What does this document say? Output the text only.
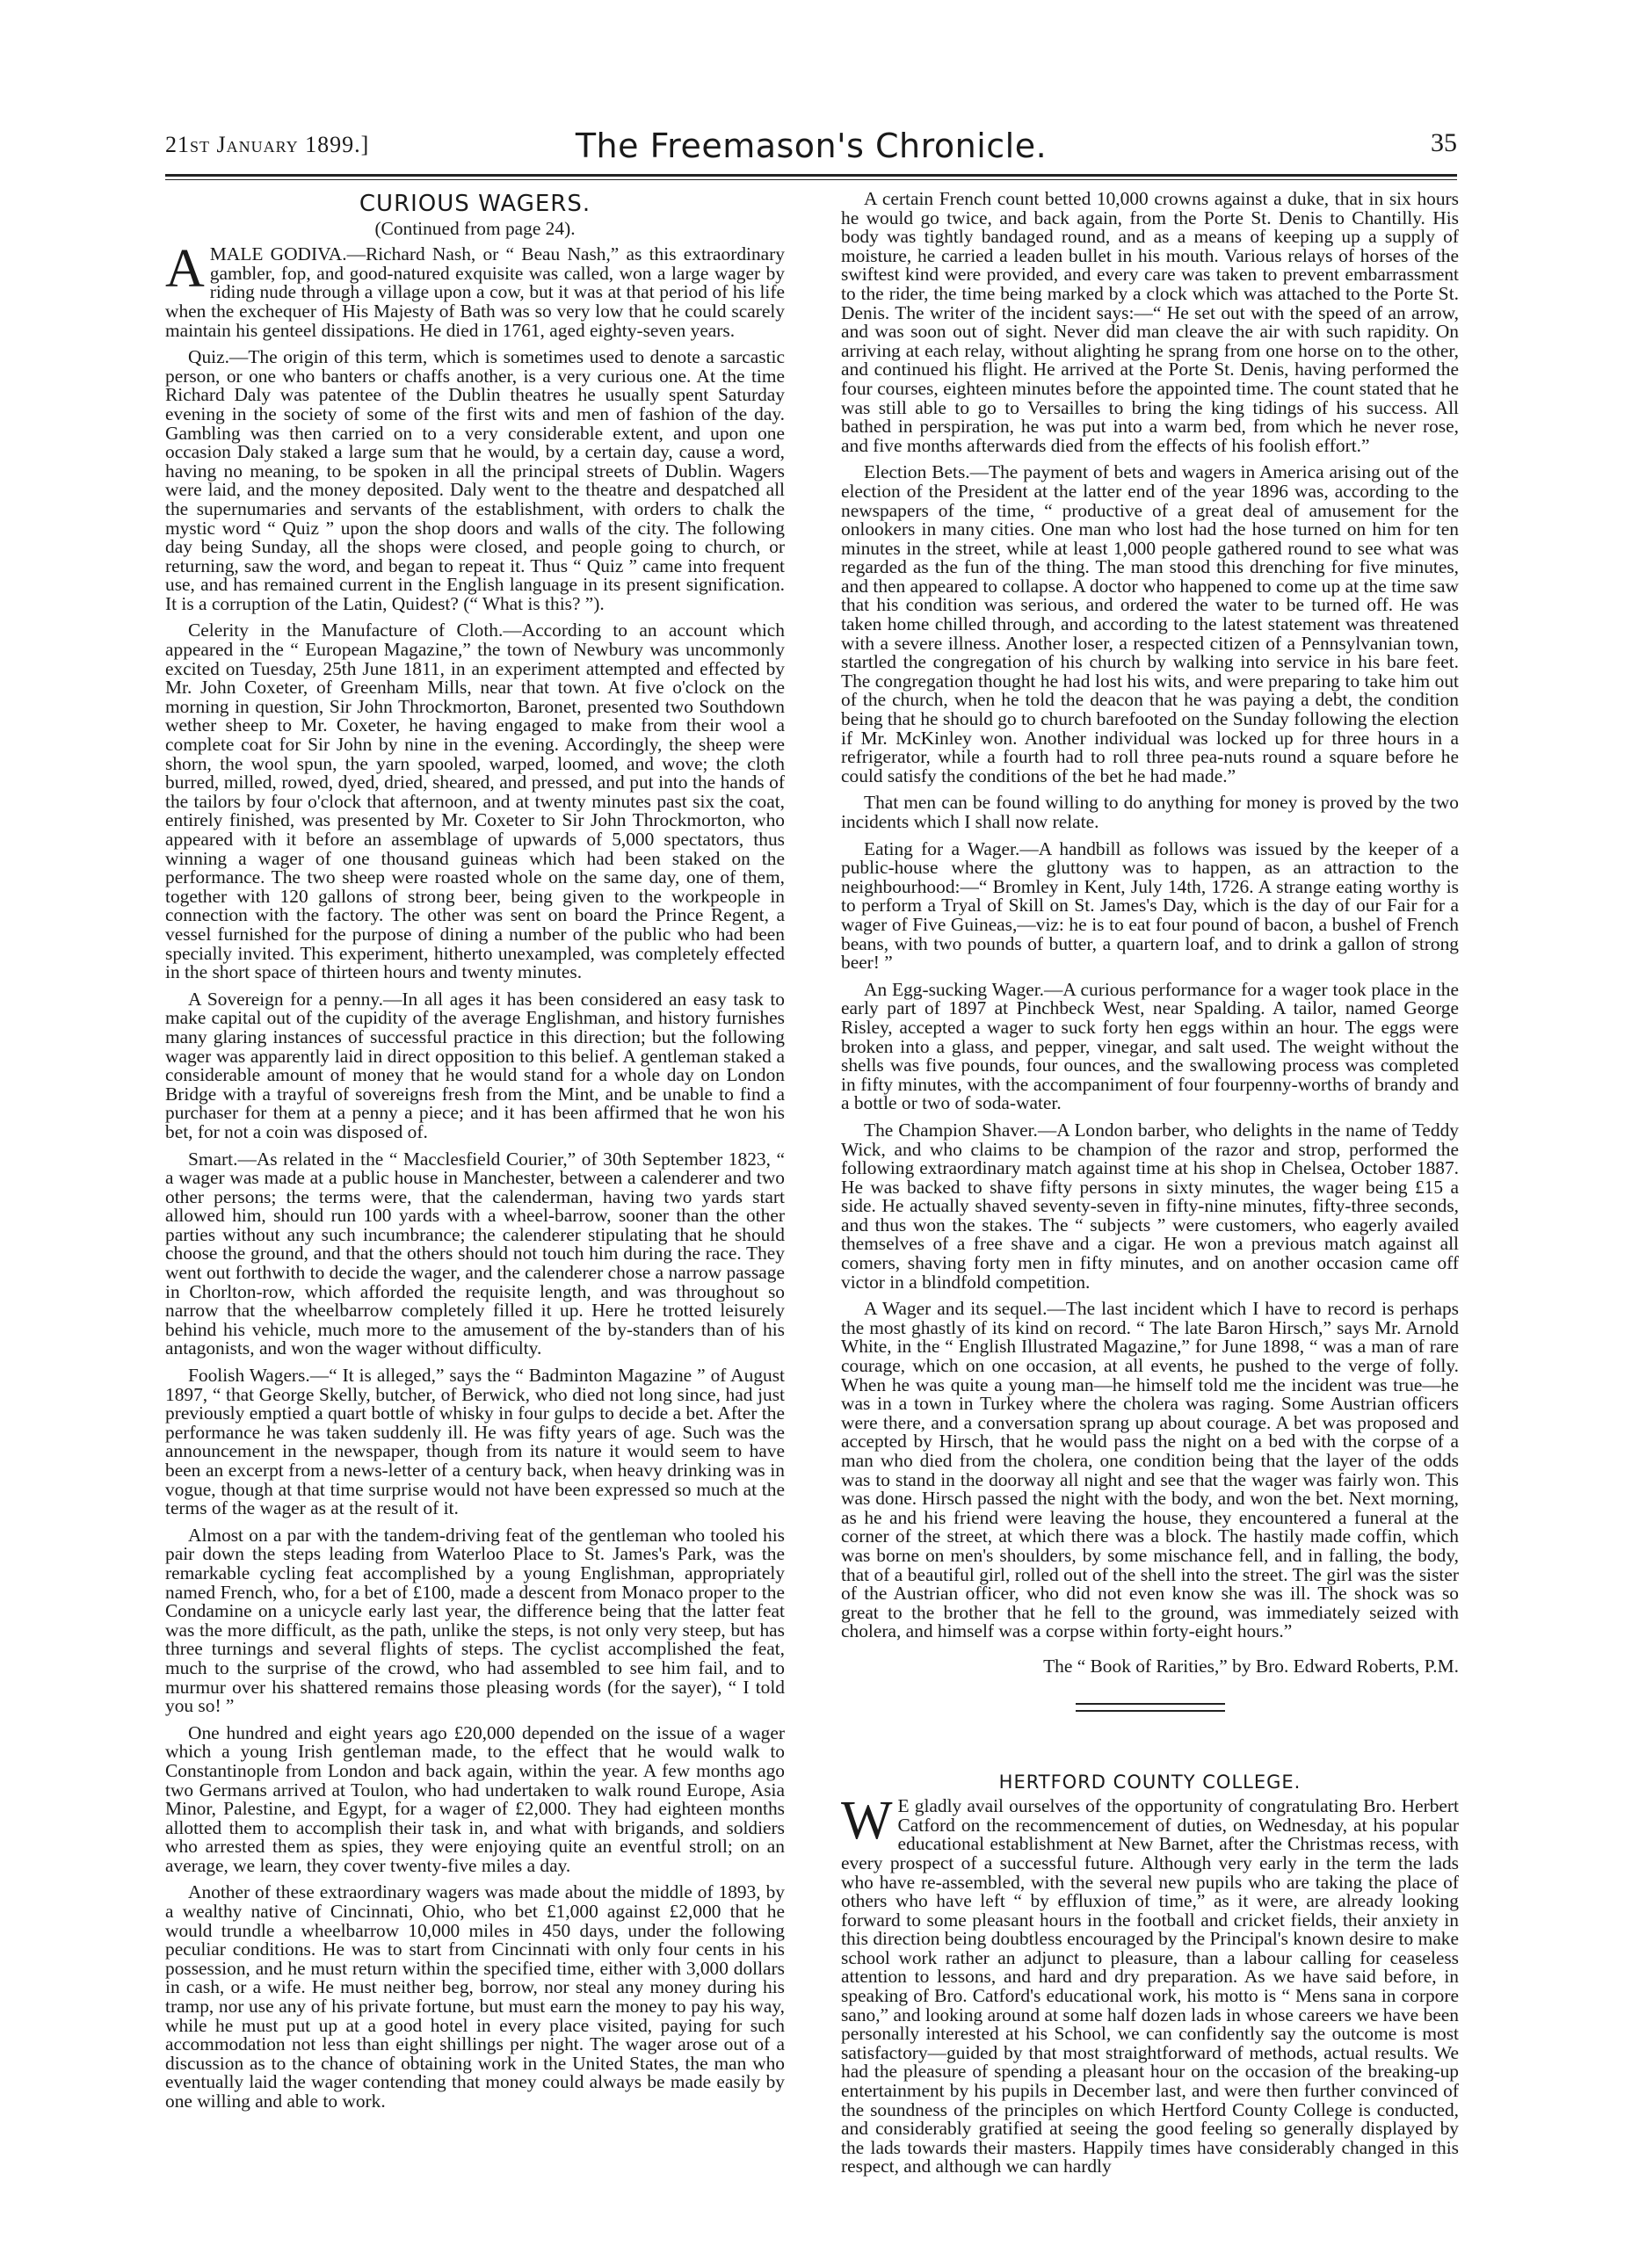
21st January 1899.]	The Freemason's Chronicle.	35
CURIOUS WAGERS.
(Continued from page 24).

A MALE GODIVA.—Richard Nash, or “ Beau Nash,” as this extraordinary gambler, fop, and good-natured exquisite was called, won a large wager by riding nude through a village upon a cow, but it was at that period of his life when the exchequer of His Majesty of Bath was so very low that he could scarely maintain his genteel dissipations. He died in 1761, aged eighty-seven years.

Quiz.—The origin of this term, which is sometimes used to denote a sarcastic person, or one who banters or chaffs another, is a very curious one. At the time Richard Daly was patentee of the Dublin theatres he usually spent Saturday evening in the society of some of the first wits and men of fashion of the day. Gambling was then carried on to a very considerable extent, and upon one occasion Daly staked a large sum that he would, by a certain day, cause a word, having no meaning, to be spoken in all the principal streets of Dublin. Wagers were laid, and the money deposited. Daly went to the theatre and despatched all the supernumaries and servants of the establishment, with orders to chalk the mystic word “ Quiz ” upon the shop doors and walls of the city. The following day being Sunday, all the shops were closed, and people going to church, or returning, saw the word, and began to repeat it. Thus “ Quiz ” came into frequent use, and has remained current in the English language in its present signification. It is a corruption of the Latin, Quidest? (“ What is this? ”).

Celerity in the Manufacture of Cloth.—According to an account which appeared in the “ European Magazine,” the town of Newbury was uncommonly excited on Tuesday, 25th June 1811, in an experiment attempted and effected by Mr. John Coxeter, of Greenham Mills, near that town. At five o'clock on the morning in question, Sir John Throckmorton, Baronet, presented two Southdown wether sheep to Mr. Coxeter, he having engaged to make from their wool a complete coat for Sir John by nine in the evening. Accordingly, the sheep were shorn, the wool spun, the yarn spooled, warped, loomed, and wove; the cloth burred, milled, rowed, dyed, dried, sheared, and pressed, and put into the hands of the tailors by four o'clock that afternoon, and at twenty minutes past six the coat, entirely finished, was presented by Mr. Coxeter to Sir John Throckmorton, who appeared with it before an assemblage of upwards of 5,000 spectators, thus winning a wager of one thousand guineas which had been staked on the performance. The two sheep were roasted whole on the same day, one of them, together with 120 gallons of strong beer, being given to the workpeople in connection with the factory. The other was sent on board the Prince Regent, a vessel furnished for the purpose of dining a number of the public who had been specially invited. This experiment, hitherto unexampled, was completely effected in the short space of thirteen hours and twenty minutes.

A Sovereign for a penny.—In all ages it has been considered an easy task to make capital out of the cupidity of the average Englishman, and history furnishes many glaring instances of successful practice in this direction; but the following wager was apparently laid in direct opposition to this belief. A gentleman staked a considerable amount of money that he would stand for a whole day on London Bridge with a trayful of sovereigns fresh from the Mint, and be unable to find a purchaser for them at a penny a piece; and it has been affirmed that he won his bet, for not a coin was disposed of.

Smart.—As related in the “ Macclesfield Courier,” of 30th September 1823, “ a wager was made at a public house in Manchester, between a calenderer and two other persons; the terms were, that the calenderman, having two yards start allowed him, should run 100 yards with a wheel-barrow, sooner than the other parties without any such incumbrance; the calenderer stipulating that he should choose the ground, and that the others should not touch him during the race. They went out forthwith to decide the wager, and the calenderer chose a narrow passage in Chorlton-row, which afforded the requisite length, and was throughout so narrow that the wheelbarrow completely filled it up. Here he trotted leisurely behind his vehicle, much more to the amusement of the by-standers than of his antagonists, and won the wager without difficulty.

Foolish Wagers.—“ It is alleged,” says the “ Badminton Magazine ” of August 1897, “ that George Skelly, butcher, of Berwick, who died not long since, had just previously emptied a quart bottle of whisky in four gulps to decide a bet. After the performance he was taken suddenly ill. He was fifty years of age. Such was the announcement in the newspaper, though from its nature it would seem to have been an excerpt from a news-letter of a century back, when heavy drinking was in vogue, though at that time surprise would not have been expressed so much at the terms of the wager as at the result of it.

Almost on a par with the tandem-driving feat of the gentleman who tooled his pair down the steps leading from Waterloo Place to St. James's Park, was the remarkable cycling feat accomplished by a young Englishman, appropriately named French, who, for a bet of £100, made a descent from Monaco proper to the Condamine on a unicycle early last year, the difference being that the latter feat was the more difficult, as the path, unlike the steps, is not only very steep, but has three turnings and several flights of steps. The cyclist accomplished the feat, much to the surprise of the crowd, who had assembled to see him fail, and to murmur over his shattered remains those pleasing words (for the sayer), “ I told you so! ”

One hundred and eight years ago £20,000 depended on the issue of a wager which a young Irish gentleman made, to the effect that he would walk to Constantinople from London and back again, within the year. A few months ago two Germans arrived at Toulon, who had undertaken to walk round Europe, Asia Minor, Palestine, and Egypt, for a wager of £2,000. They had eighteen months allotted them to accomplish their task in, and what with brigands, and soldiers who arrested them as spies, they were enjoying quite an eventful stroll; on an average, we learn, they cover twenty-five miles a day.

Another of these extraordinary wagers was made about the middle of 1893, by a wealthy native of Cincinnati, Ohio, who bet £1,000 against £2,000 that he would trundle a wheelbarrow 10,000 miles in 450 days, under the following peculiar conditions. He was to start from Cincinnati with only four cents in his possession, and he must return within the specified time, either with 3,000 dollars in cash, or a wife. He must neither beg, borrow, nor steal any money during his tramp, nor use any of his private fortune, but must earn the money to pay his way, while he must put up at a good hotel in every place visited, paying for such accommodation not less than eight shillings per night. The wager arose out of a discussion as to the chance of obtaining work in the United States, the man who eventually laid the wager contending that money could always be made easily by one willing and able to work.

A certain French count betted 10,000 crowns against a duke, that in six hours he would go twice, and back again, from the Porte St. Denis to Chantilly. His body was tightly bandaged round, and as a means of keeping up a supply of moisture, he carried a leaden bullet in his mouth. Various relays of horses of the swiftest kind were provided, and every care was taken to prevent embarrassment to the rider, the time being marked by a clock which was attached to the Porte St. Denis. The writer of the incident says:—“ He set out with the speed of an arrow, and was soon out of sight. Never did man cleave the air with such rapidity. On arriving at each relay, without alighting he sprang from one horse on to the other, and continued his flight. He arrived at the Porte St. Denis, having performed the four courses, eighteen minutes before the appointed time. The count stated that he was still able to go to Versailles to bring the king tidings of his success. All bathed in perspiration, he was put into a warm bed, from which he never rose, and five months afterwards died from the effects of his foolish effort.”

Election Bets.—The payment of bets and wagers in America arising out of the election of the President at the latter end of the year 1896 was, according to the newspapers of the time, “ productive of a great deal of amusement for the onlookers in many cities. One man who lost had the hose turned on him for ten minutes in the street, while at least 1,000 people gathered round to see what was regarded as the fun of the thing. The man stood this drenching for five minutes, and then appeared to collapse. A doctor who happened to come up at the time saw that his condition was serious, and ordered the water to be turned off. He was taken home chilled through, and according to the latest statement was threatened with a severe illness. Another loser, a respected citizen of a Pennsylvanian town, startled the congregation of his church by walking into service in his bare feet. The congregation thought he had lost his wits, and were preparing to take him out of the church, when he told the deacon that he was paying a debt, the condition being that he should go to church barefooted on the Sunday following the election if Mr. McKinley won. Another individual was locked up for three hours in a refrigerator, while a fourth had to roll three pea-nuts round a square before he could satisfy the conditions of the bet he had made.”

That men can be found willing to do anything for money is proved by the two incidents which I shall now relate.

Eating for a Wager.—A handbill as follows was issued by the keeper of a public-house where the gluttony was to happen, as an attraction to the neighbourhood:—“ Bromley in Kent, July 14th, 1726. A strange eating worthy is to perform a Tryal of Skill on St. James's Day, which is the day of our Fair for a wager of Five Guineas,—viz: he is to eat four pound of bacon, a bushel of French beans, with two pounds of butter, a quartern loaf, and to drink a gallon of strong beer! ”

An Egg-sucking Wager.—A curious performance for a wager took place in the early part of 1897 at Pinchbeck West, near Spalding. A tailor, named George Risley, accepted a wager to suck forty hen eggs within an hour. The eggs were broken into a glass, and pepper, vinegar, and salt used. The weight without the shells was five pounds, four ounces, and the swallowing process was completed in fifty minutes, with the accompaniment of four fourpenny-worths of brandy and a bottle or two of soda-water.

The Champion Shaver.—A London barber, who delights in the name of Teddy Wick, and who claims to be champion of the razor and strop, performed the following extraordinary match against time at his shop in Chelsea, October 1887. He was backed to shave fifty persons in sixty minutes, the wager being £15 a side. He actually shaved seventy-seven in fifty-nine minutes, fifty-three seconds, and thus won the stakes. The “ subjects ” were customers, who eagerly availed themselves of a free shave and a cigar. He won a previous match against all comers, shaving forty men in fifty minutes, and on another occasion came off victor in a blindfold competition.

A Wager and its sequel.—The last incident which I have to record is perhaps the most ghastly of its kind on record. “ The late Baron Hirsch,” says Mr. Arnold White, in the “ English Illustrated Magazine,” for June 1898, “ was a man of rare courage, which on one occasion, at all events, he pushed to the verge of folly. When he was quite a young man—he himself told me the incident was true—he was in a town in Turkey where the cholera was raging. Some Austrian officers were there, and a conversation sprang up about courage. A bet was proposed and accepted by Hirsch, that he would pass the night on a bed with the corpse of a man who died from the cholera, one condition being that the layer of the odds was to stand in the doorway all night and see that the wager was fairly won. This was done. Hirsch passed the night with the body, and won the bet. Next morning, as he and his friend were leaving the house, they encountered a funeral at the corner of the street, at which there was a block. The hastily made coffin, which was borne on men's shoulders, by some mischance fell, and in falling, the body, that of a beautiful girl, rolled out of the shell into the street. The girl was the sister of the Austrian officer, who did not even know she was ill. The shock was so great to the brother that he fell to the ground, was immediately seized with cholera, and himself was a corpse within forty-eight hours.”

The “ Book of Rarities,” by Bro. Edward Roberts, P.M.

HERTFORD COUNTY COLLEGE.

W E gladly avail ourselves of the opportunity of congratulating Bro. Herbert Catford on the recommencement of duties, on Wednesday, at his popular educational establishment at New Barnet, after the Christmas recess, with every prospect of a successful future. Although very early in the term the lads who have re-assembled, with the several new pupils who are taking the place of others who have left “ by effluxion of time,” as it were, are already looking forward to some pleasant hours in the football and cricket fields, their anxiety in this direction being doubtless encouraged by the Principal's known desire to make school work rather an adjunct to pleasure, than a labour calling for ceaseless attention to lessons, and hard and dry preparation. As we have said before, in speaking of Bro. Catford's educational work, his motto is “ Mens sana in corpore sano,” and looking around at some half dozen lads in whose careers we have been personally interested at his School, we can confidently say the outcome is most satisfactory—guided by that most straightforward of methods, actual results. We had the pleasure of spending a pleasant hour on the occasion of the breaking-up entertainment by his pupils in December last, and were then further convinced of the soundness of the principles on which Hertford County College is conducted, and considerably gratified at seeing the good feeling so generally displayed by the lads towards their masters. Happily times have considerably changed in this respect, and although we can hardly
